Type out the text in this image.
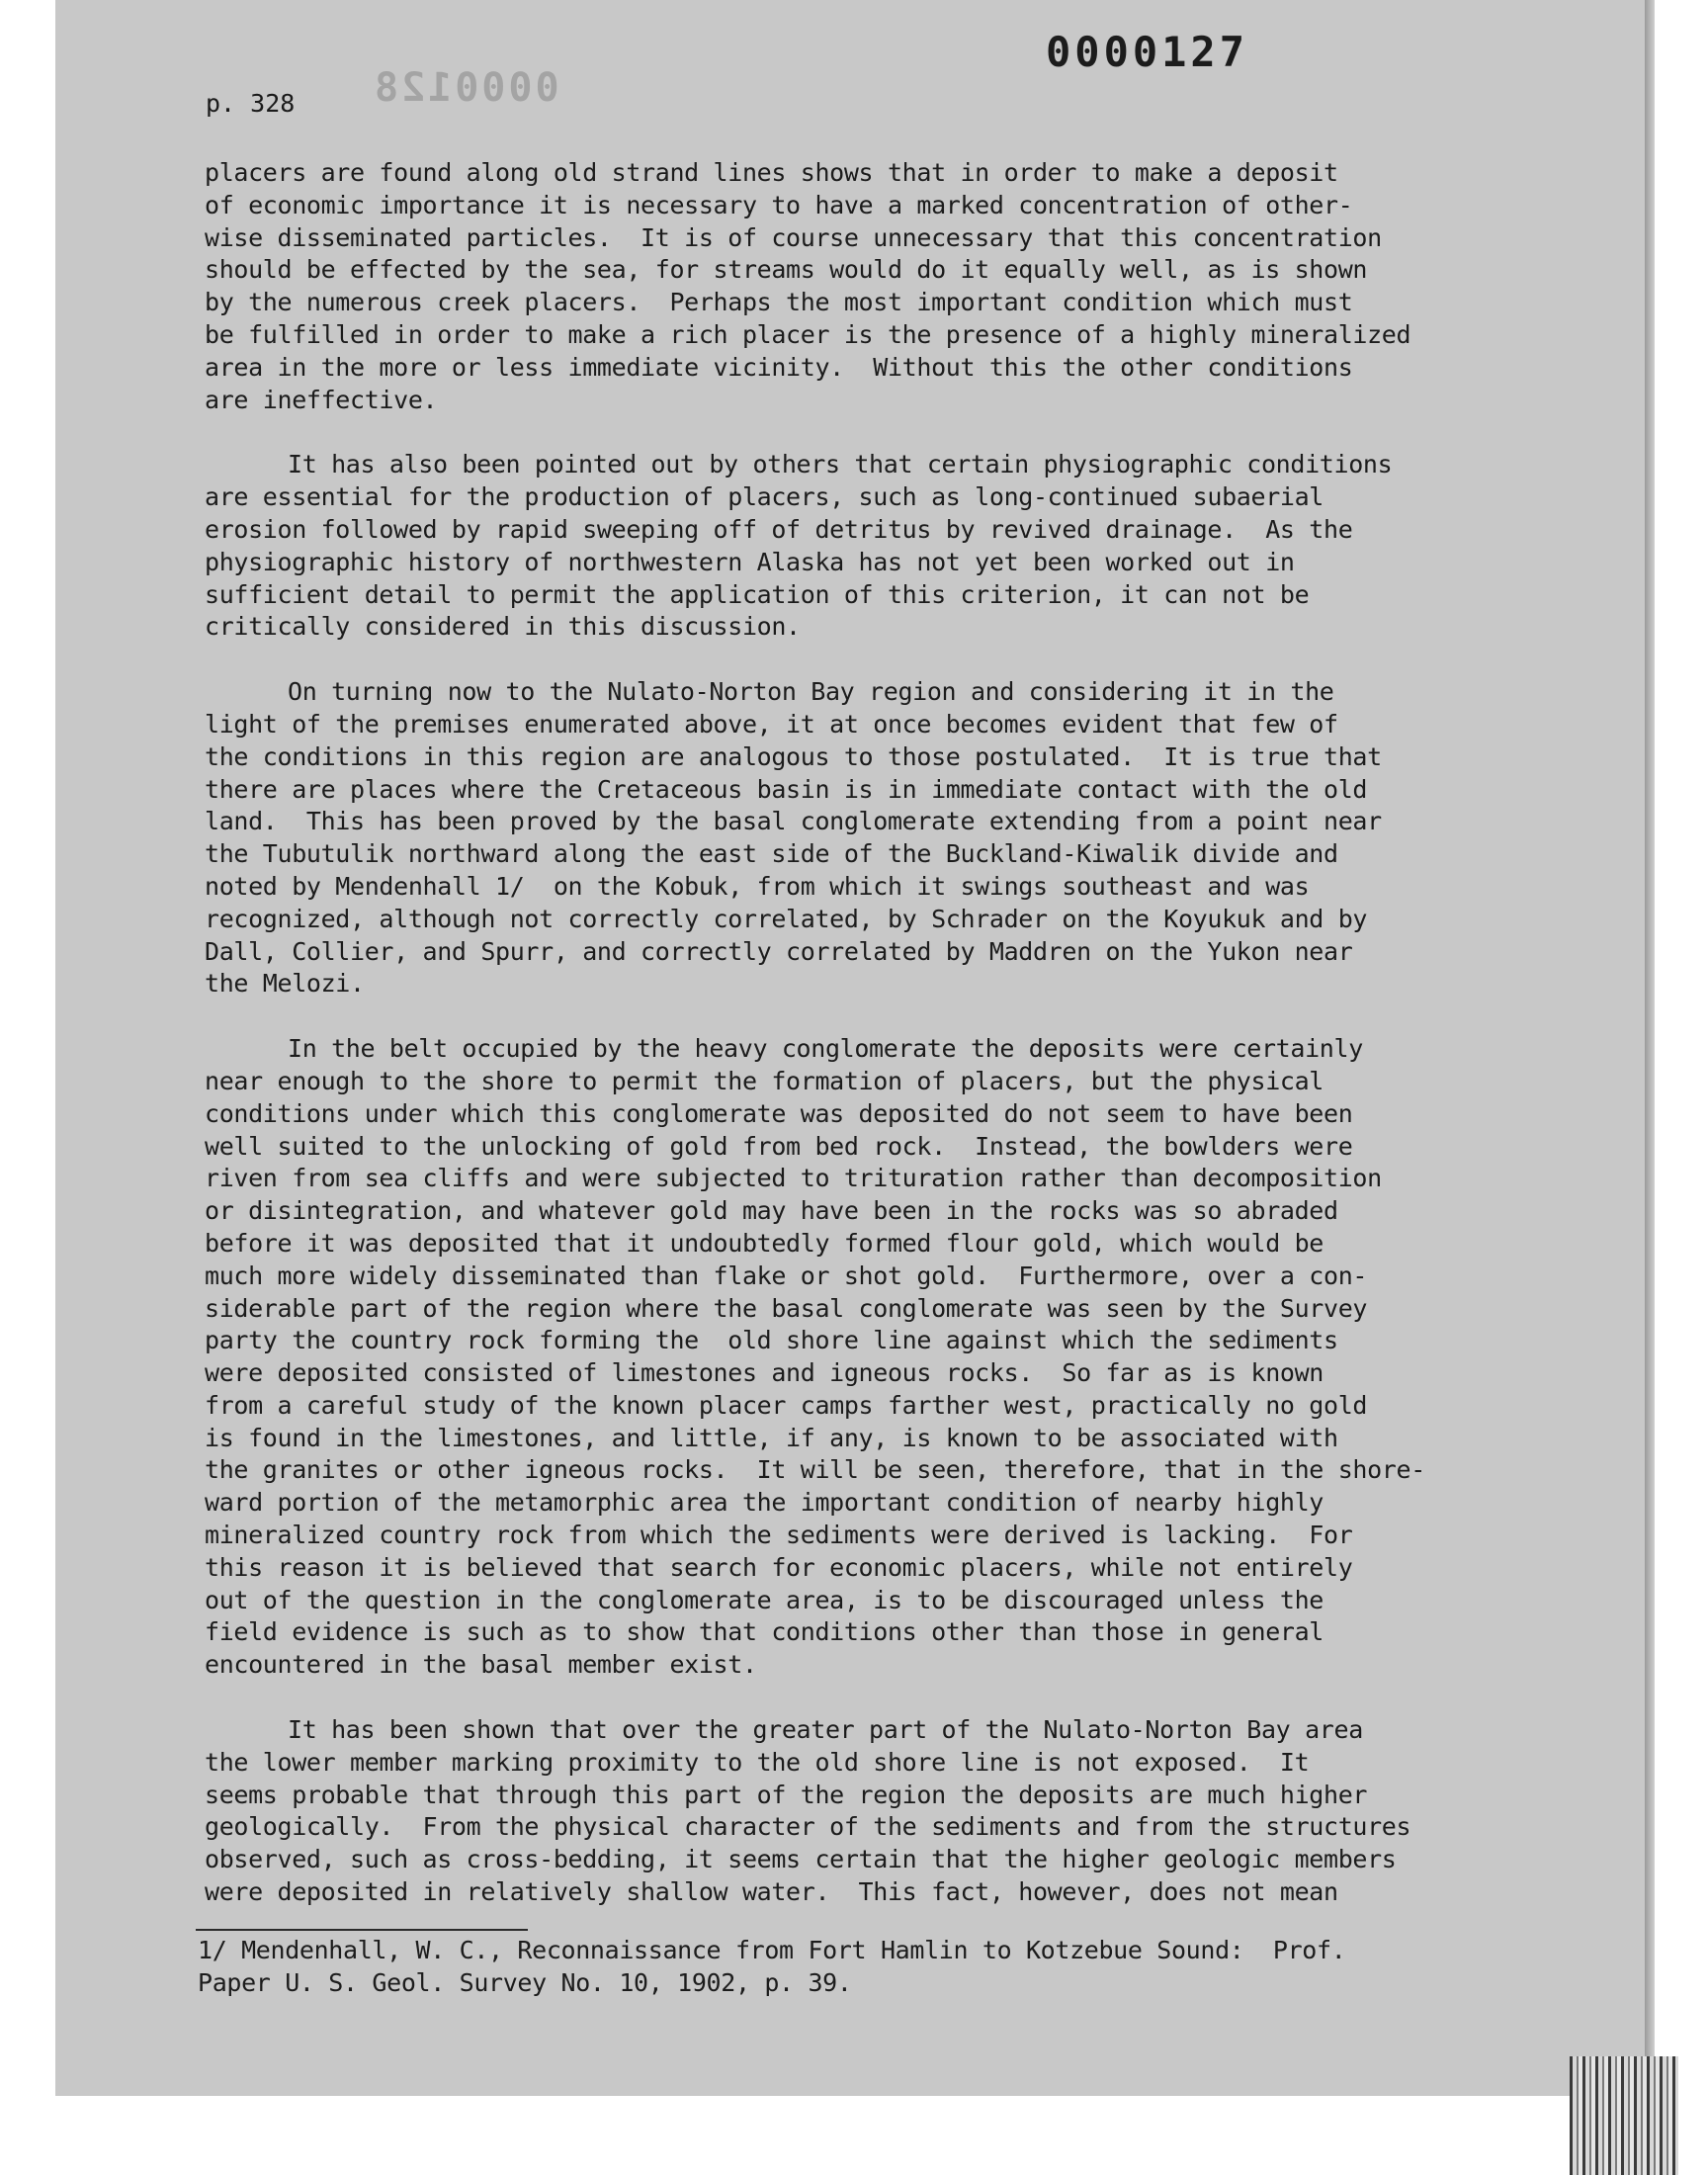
0000127
0000128
p. 328
placers are found along old strand lines shows that in order to make a deposit
of economic importance it is necessary to have a marked concentration of other-
wise disseminated particles.  It is of course unnecessary that this concentration
should be effected by the sea, for streams would do it equally well, as is shown
by the numerous creek placers.  Perhaps the most important condition which must
be fulfilled in order to make a rich placer is the presence of a highly mineralized
area in the more or less immediate vicinity.  Without this the other conditions
are ineffective.
It has also been pointed out by others that certain physiographic conditions
are essential for the production of placers, such as long-continued subaerial
erosion followed by rapid sweeping off of detritus by revived drainage.  As the
physiographic history of northwestern Alaska has not yet been worked out in
sufficient detail to permit the application of this criterion, it can not be
critically considered in this discussion.
On turning now to the Nulato-Norton Bay region and considering it in the
light of the premises enumerated above, it at once becomes evident that few of
the conditions in this region are analogous to those postulated.  It is true that
there are places where the Cretaceous basin is in immediate contact with the old
land.  This has been proved by the basal conglomerate extending from a point near
the Tubutulik northward along the east side of the Buckland-Kiwalik divide and
noted by Mendenhall 1/  on the Kobuk, from which it swings southeast and was
recognized, although not correctly correlated, by Schrader on the Koyukuk and by
Dall, Collier, and Spurr, and correctly correlated by Maddren on the Yukon near
the Melozi.
In the belt occupied by the heavy conglomerate the deposits were certainly
near enough to the shore to permit the formation of placers, but the physical
conditions under which this conglomerate was deposited do not seem to have been
well suited to the unlocking of gold from bed rock.  Instead, the bowlders were
riven from sea cliffs and were subjected to trituration rather than decomposition
or disintegration, and whatever gold may have been in the rocks was so abraded
before it was deposited that it undoubtedly formed flour gold, which would be
much more widely disseminated than flake or shot gold.  Furthermore, over a con-
siderable part of the region where the basal conglomerate was seen by the Survey
party the country rock forming the  old shore line against which the sediments
were deposited consisted of limestones and igneous rocks.  So far as is known
from a careful study of the known placer camps farther west, practically no gold
is found in the limestones, and little, if any, is known to be associated with
the granites or other igneous rocks.  It will be seen, therefore, that in the shore-
ward portion of the metamorphic area the important condition of nearby highly
mineralized country rock from which the sediments were derived is lacking.  For
this reason it is believed that search for economic placers, while not entirely
out of the question in the conglomerate area, is to be discouraged unless the
field evidence is such as to show that conditions other than those in general
encountered in the basal member exist.
It has been shown that over the greater part of the Nulato-Norton Bay area
the lower member marking proximity to the old shore line is not exposed.  It
seems probable that through this part of the region the deposits are much higher
geologically.  From the physical character of the sediments and from the structures
observed, such as cross-bedding, it seems certain that the higher geologic members
were deposited in relatively shallow water.  This fact, however, does not mean
1/ Mendenhall, W. C., Reconnaissance from Fort Hamlin to Kotzebue Sound:  Prof.
Paper U. S. Geol. Survey No. 10, 1902, p. 39.
